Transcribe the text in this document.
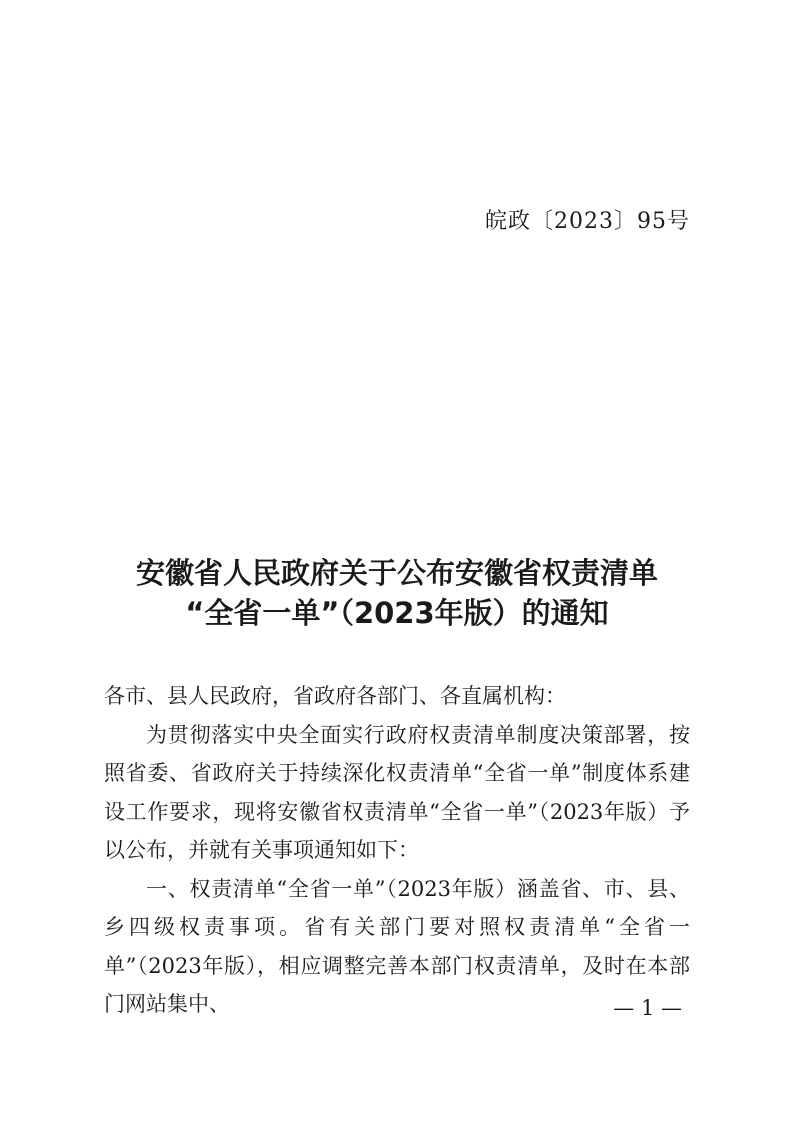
皖政〔2023〕95号
安徽省人民政府关于公布安徽省权责清单
“全省一单”（2023年版）的通知

各市、县人民政府，省政府各部门、各直属机构：

为贯彻落实中央全面实行政府权责清单制度决策部署，按照省委、省政府关于持续深化权责清单“全省一单”制度体系建设工作要求，现将安徽省权责清单“全省一单”（2023年版）予以公布，并就有关事项通知如下：

一、权责清单“全省一单”（2023年版）涵盖省、市、县、乡四级权责事项。省有关部门要对照权责清单“全省一单”（2023年版），相应调整完善本部门权责清单，及时在本部门网站集中、	— 1 —
